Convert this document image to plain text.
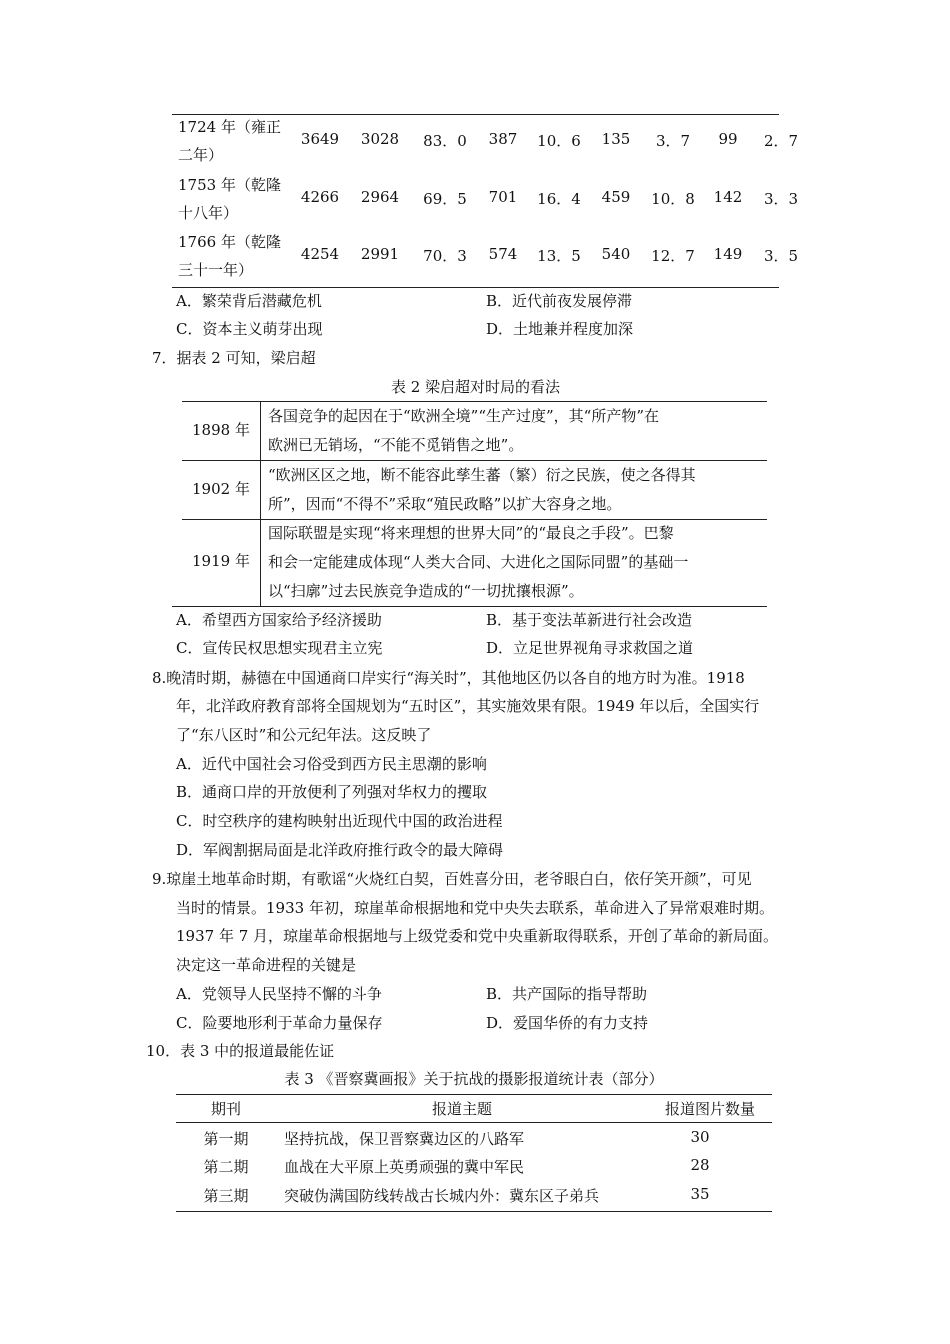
1724 年（雍正
二年）
3649 3028	83．0	387	10．6	135	3．7	99	2．7
1753 年（乾隆
十八年）
4266 2964	69．5	701	16．4	459	10．8 142	3．3
1766 年（乾隆
三十一年）
4254 2991	70．3	574	13．5	540	12．7 149	3．5
A．繁荣背后潜藏危机	B．近代前夜发展停滞
C．资本主义萌芽出现	D．土地兼并程度加深
7．据表 2 可知，梁启超
表 2 梁启超对时局的看法
1898 年
各国竞争的起因在于“欧洲全境”“生产过度”，其“所产物”在
欧洲已无销场，“不能不觅销售之地”。
1902 年
“欧洲区区之地，断不能容此孳生蕃（繁）衍之民族，使之各得其
所”，因而“不得不”采取“殖民政略”以扩大容身之地。
1919 年
国际联盟是实现“将来理想的世界大同”的“最良之手段”。巴黎
和会一定能建成体现“人类大合同、大进化之国际同盟”的基础一
以“扫廓”过去民族竞争造成的“一切扰攘根源”。
A．希望西方国家给予经济援助	B．基于变法革新进行社会改造
C．宣传民权思想实现君主立宪	D．立足世界视角寻求救国之道
8.晚清时期，赫德在中国通商口岸实行“海关时”，其他地区仍以各自的地方时为准。1918
年，北洋政府教育部将全国规划为“五时区”，其实施效果有限。1949 年以后，全国实行
了“东八区时”和公元纪年法。这反映了
A．近代中国社会习俗受到西方民主思潮的影响
B．通商口岸的开放便利了列强对华权力的攫取
C．时空秩序的建构映射出近现代中国的政治进程
D．军阀割据局面是北洋政府推行政令的最大障碍
9.琼崖土地革命时期，有歌谣“火烧红白契，百姓喜分田，老爷眼白白，依仔笑开颜”，可见
当时的情景。1933 年初，琼崖革命根据地和党中央失去联系，革命进入了异常艰难时期。
1937 年 7 月，琼崖革命根据地与上级党委和党中央重新取得联系，开创了革命的新局面。
决定这一革命进程的关键是
A．党领导人民坚持不懈的斗争	B．共产国际的指导帮助
C．险要地形利于革命力量保存	D．爱国华侨的有力支持
10．表 3 中的报道最能佐证
表 3 《晋察冀画报》关于抗战的摄影报道统计表（部分）
期刊	报道主题	报道图片数量
第一期	坚持抗战，保卫晋察冀边区的八路军	30
第二期	血战在大平原上英勇顽强的冀中军民	28
第三期	突破伪满国防线转战古长城内外：冀东区子弟兵	35
